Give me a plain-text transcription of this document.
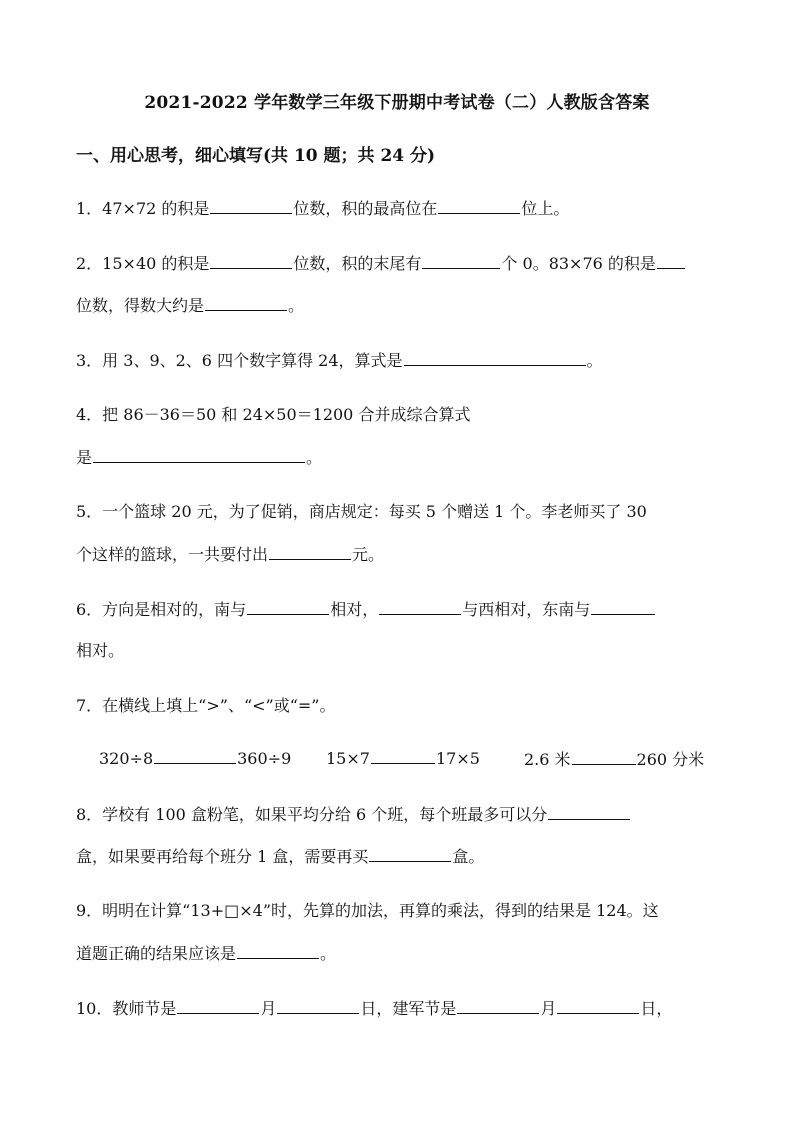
2021-2022 学年数学三年级下册期中考试卷（二）人教版含答案
一、用心思考，细心填写(共 10 题；共 24 分)
1．47×72 的积是	位数，积的最高位在	位上。
2．15×40 的积是	位数，积的末尾有	个 0。83×76 的积是
位数，得数大约是	。
3．用 3、9、2、6 四个数字算得 24，算式是	。
4．把 86－36＝50 和 24×50＝1200 合并成综合算式
是	。
5．一个篮球 20 元，为了促销，商店规定：每买 5 个赠送 1 个。李老师买了 30
个这样的篮球，一共要付出	元。
6．方向是相对的，南与	相对，	与西相对，东南与
相对。
7．在横线上填上“>”、“<”或“=”。
320÷8	360÷9 15×7	17×5	2.6 米	260 分米
8．学校有 100 盒粉笔，如果平均分给 6 个班，每个班最多可以分
盒，如果要再给每个班分 1 盒，需要再买	盒。
9．明明在计算“13+□×4”时，先算的加法，再算的乘法，得到的结果是 124。这
道题正确的结果应该是	。
10．教师节是	月	日，建军节是	月	日，
